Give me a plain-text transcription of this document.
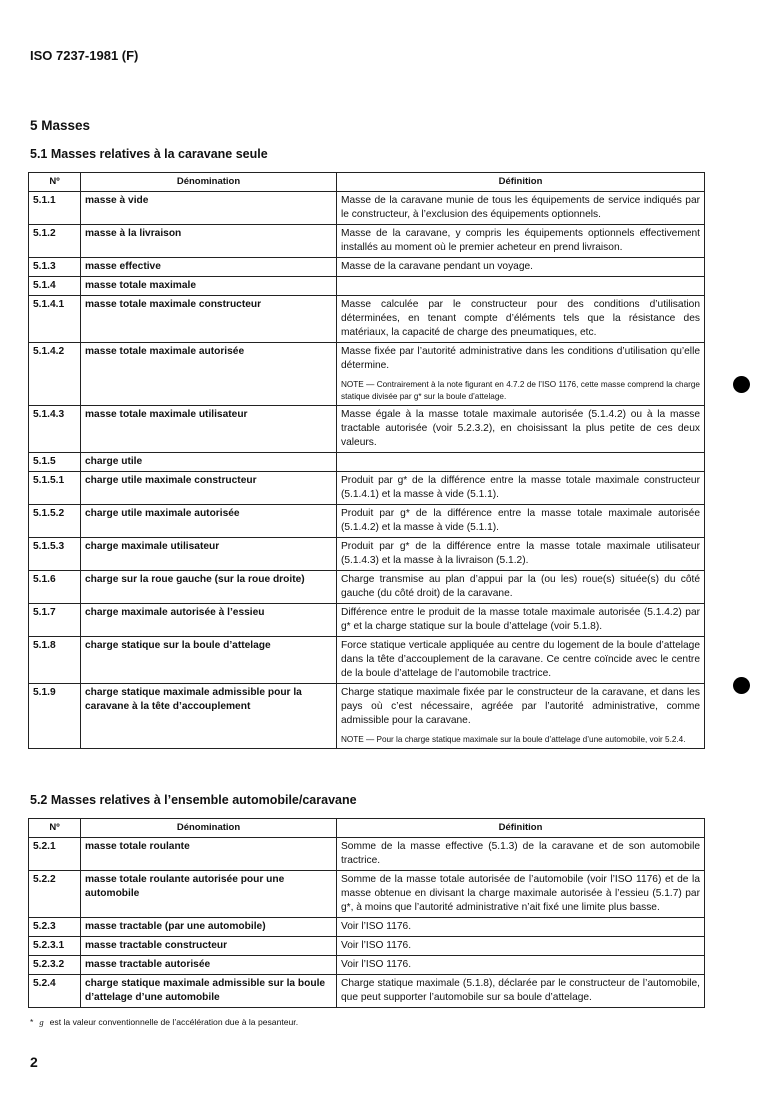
ISO 7237-1981 (F)
5 Masses
5.1 Masses relatives à la caravane seule
Nº	Dénomination	Définition
5.1.1	masse à vide	Masse de la caravane munie de tous les équipements de service indiqués par le constructeur, à l’exclusion des équipements optionnels.
5.1.2	masse à la livraison	Masse de la caravane, y compris les équipements optionnels effectivement installés au moment où le premier acheteur en prend livraison.
5.1.3	masse effective	Masse de la caravane pendant un voyage.
5.1.4	masse totale maximale	
5.1.4.1	masse totale maximale constructeur	Masse calculée par le constructeur pour des conditions d’utilisation déterminées, en tenant compte d’éléments tels que la résistance des matériaux, la capacité de charge des pneumatiques, etc.
5.1.4.2	masse totale maximale autorisée	Masse fixée par l’autorité administrative dans les conditions d’utilisation qu’elle détermine.
NOTE — Contrairement à la note figurant en 4.7.2 de l’ISO 1176, cette masse comprend la charge statique divisée par g* sur la boule d’attelage.

5.1.4.3	masse totale maximale utilisateur	Masse égale à la masse totale maximale autorisée (5.1.4.2) ou à la masse tractable autorisée (voir 5.2.3.2), en choisissant la plus petite de ces deux valeurs.
5.1.5	charge utile	
5.1.5.1	charge utile maximale constructeur	Produit par g* de la différence entre la masse totale maximale constructeur (5.1.4.1) et la masse à vide (5.1.1).
5.1.5.2	charge utile maximale autorisée	Produit par g* de la différence entre la masse totale maximale autorisée (5.1.4.2) et la masse à vide (5.1.1).
5.1.5.3	charge maximale utilisateur	Produit par g* de la différence entre la masse totale maximale utilisateur (5.1.4.3) et la masse à la livraison (5.1.2).
5.1.6	charge sur la roue gauche (sur la roue droite)	Charge transmise au plan d’appui par la (ou les) roue(s) située(s) du côté gauche (du côté droit) de la caravane.
5.1.7	charge maximale autorisée à l’essieu	Différence entre le produit de la masse totale maximale autorisée (5.1.4.2) par g* et la charge statique sur la boule d’attelage (voir 5.1.8).
5.1.8	charge statique sur la boule d’attelage	Force statique verticale appliquée au centre du logement de la boule d’attelage dans la tête d’accouplement de la caravane. Ce centre coïncide avec le centre de la boule d’attelage de l’automobile tractrice.
5.1.9	charge statique maximale admissible pour la caravane à la tête d’accouplement	Charge statique maximale fixée par le constructeur de la caravane, et dans les pays où c’est nécessaire, agréée par l’autorité administrative, comme admissible pour la caravane.
NOTE — Pour la charge statique maximale sur la boule d’attelage d’une automobile, voir 5.2.4.
5.2 Masses relatives à l’ensemble automobile/caravane
Nº	Dénomination	Définition
5.2.1	masse totale roulante	Somme de la masse effective (5.1.3) de la caravane et de son automobile tractrice.
5.2.2	masse totale roulante autorisée pour une automobile	Somme de la masse totale autorisée de l’automobile (voir l’ISO 1176) et de la masse obtenue en divisant la charge maximale autorisée à l’essieu (5.1.7) par g*, à moins que l’autorité administrative n’ait fixé une limite plus basse.
5.2.3	masse tractable (par une automobile)	Voir l’ISO 1176.
5.2.3.1	masse tractable constructeur	Voir l’ISO 1176.
5.2.3.2	masse tractable autorisée	Voir l’ISO 1176.
5.2.4	charge statique maximale admissible sur la boule d’attelage d’une automobile	Charge statique maximale (5.1.8), déclarée par le constructeur de l’automobile, que peut supporter l’automobile sur sa boule d’attelage.
* g est la valeur conventionnelle de l’accélération due à la pesanteur.
2
